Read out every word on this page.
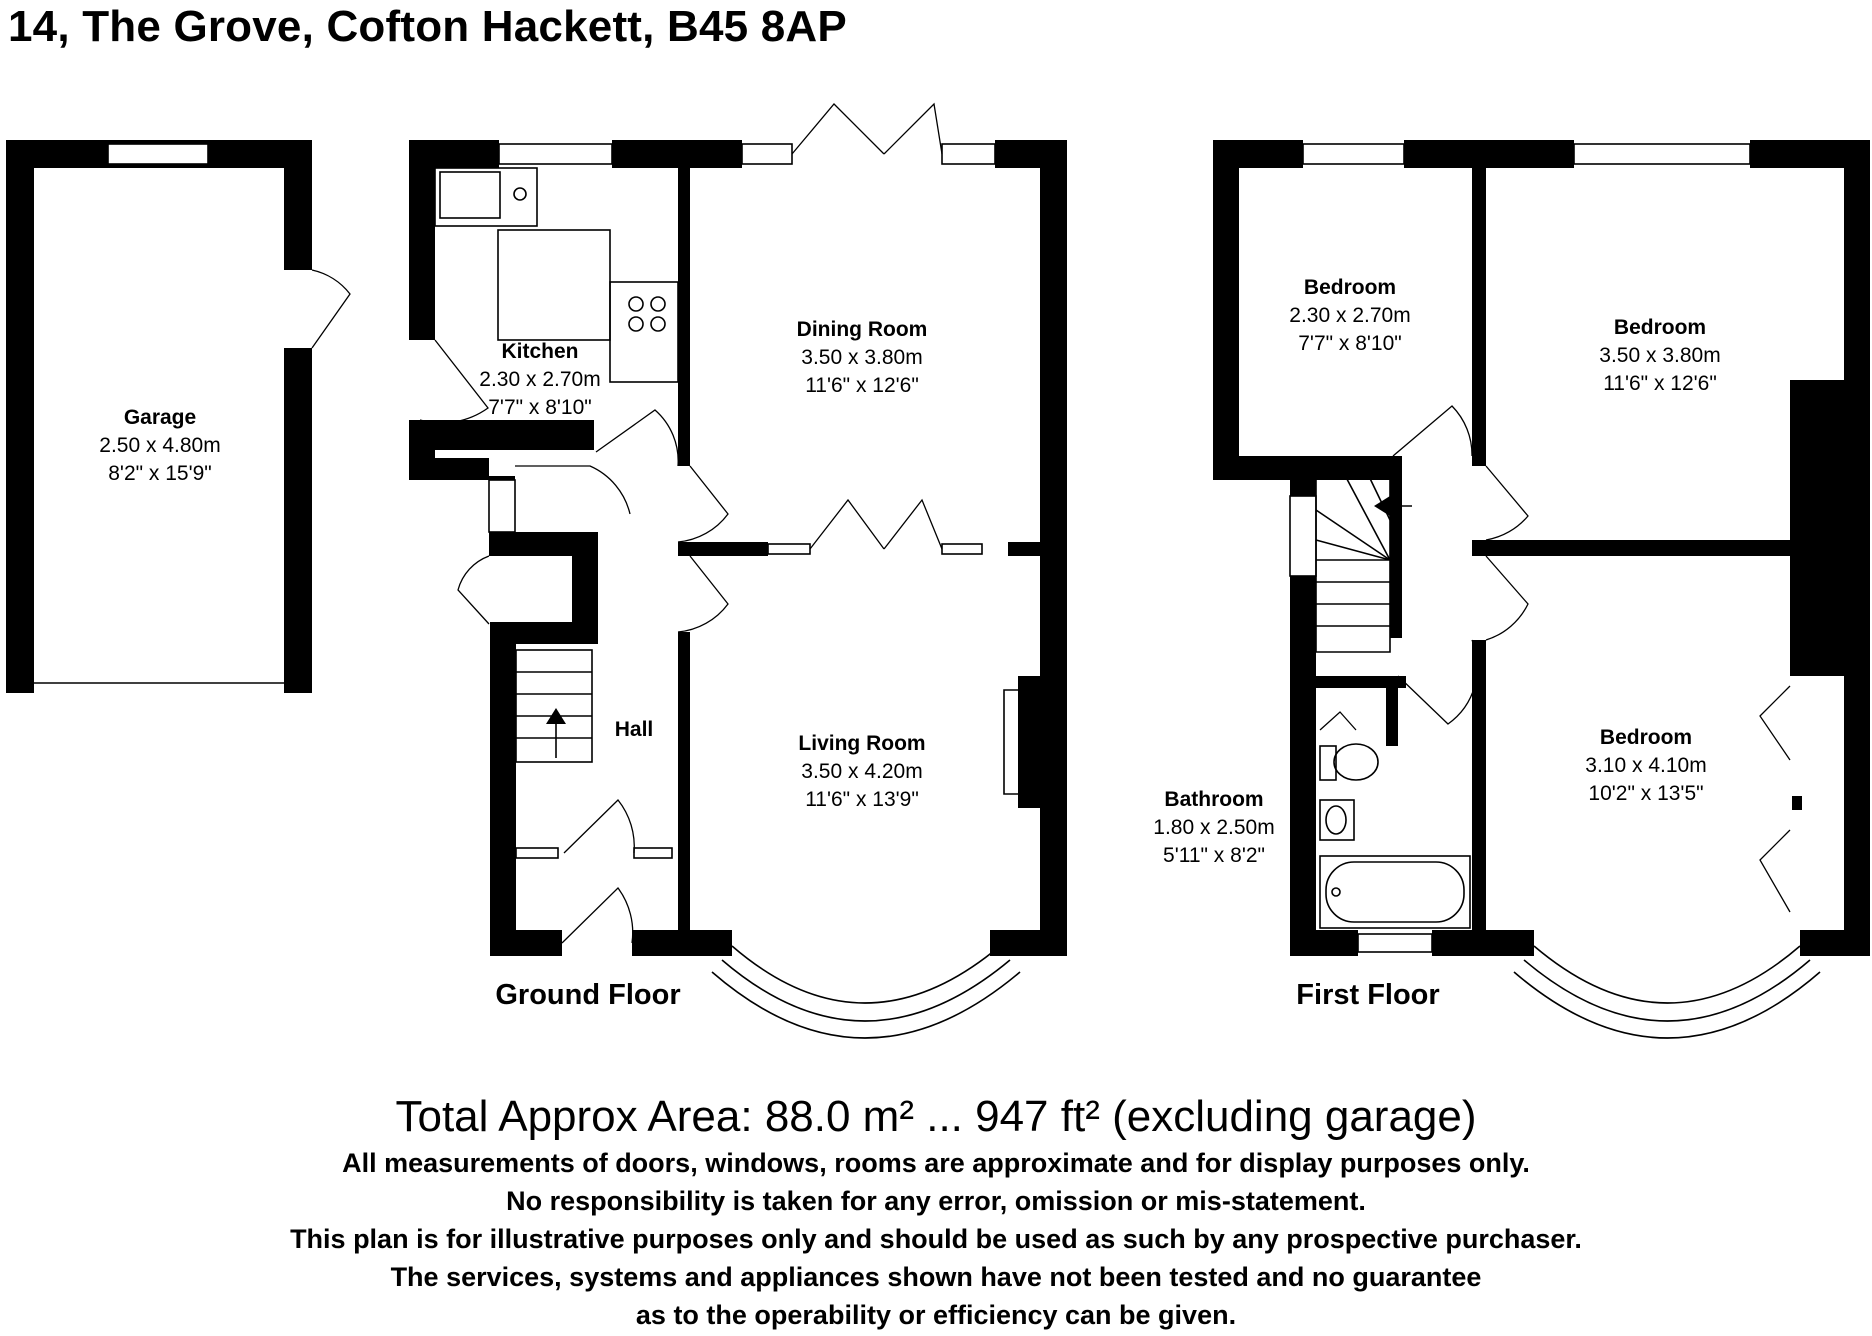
14, The Grove, Cofton Hackett, B45 8AP
Garage
2.50 x 4.80m
8'2" x 15'9"
Kitchen
2.30 x 2.70m
7'7" x 8'10"
Dining Room
3.50 x 3.80m
11'6" x 12'6"
Living Room
3.50 x 4.20m
11'6" x 13'9"
Hall
Bedroom
2.30 x 2.70m
7'7" x 8'10"
Bedroom
3.50 x 3.80m
11'6" x 12'6"
Bedroom
3.10 x 4.10m
10'2" x 13'5"
Bathroom
1.80 x 2.50m
5'11" x 8'2"
Ground Floor	First Floor
Total Approx Area: 88.0 m² ... 947 ft² (excluding garage)
All measurements of doors, windows, rooms are approximate and for display purposes only.
No responsibility is taken for any error, omission or mis-statement.
This plan is for illustrative purposes only and should be used as such by any prospective purchaser.
The services, systems and appliances shown have not been tested and no guarantee
as to the operability or efficiency can be given.
